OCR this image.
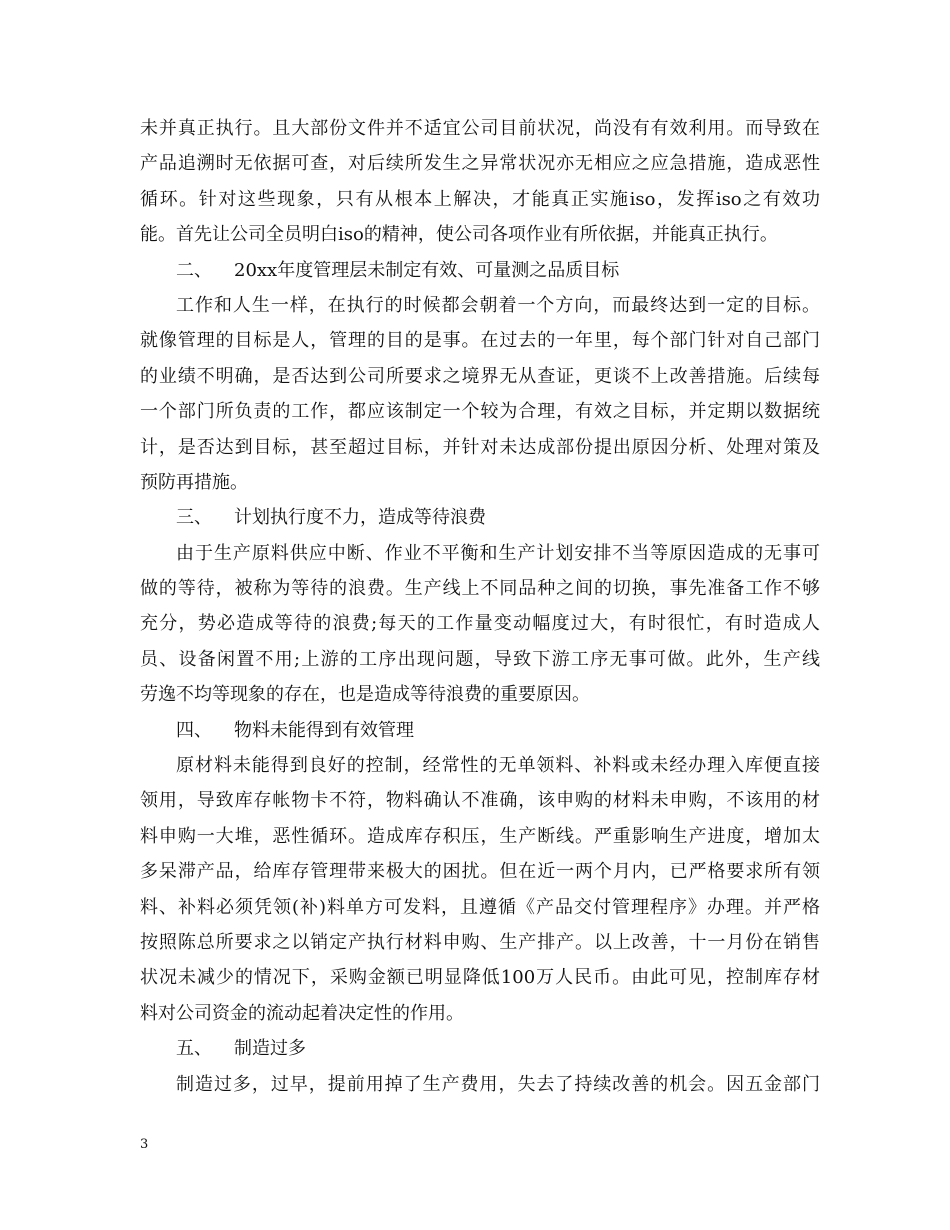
未并真正执行。且大部份文件并不适宜公司目前状况，尚没有有效利用。而导致在
产品追溯时无依据可查，对后续所发生之异常状况亦无相应之应急措施，造成恶性
循环。针对这些现象，只有从根本上解决，才能真正实施iso，发挥iso之有效功
能。首先让公司全员明白iso的精神，使公司各项作业有所依据，并能真正执行。
二、 20xx年度管理层未制定有效、可量测之品质目标
工作和人生一样，在执行的时候都会朝着一个方向，而最终达到一定的目标。
就像管理的目标是人，管理的目的是事。在过去的一年里，每个部门针对自己部门
的业绩不明确，是否达到公司所要求之境界无从查证，更谈不上改善措施。后续每
一个部门所负责的工作，都应该制定一个较为合理，有效之目标，并定期以数据统
计，是否达到目标，甚至超过目标，并针对未达成部份提出原因分析、处理对策及
预防再措施。
三、 计划执行度不力，造成等待浪费
由于生产原料供应中断、作业不平衡和生产计划安排不当等原因造成的无事可
做的等待，被称为等待的浪费。生产线上不同品种之间的切换，事先准备工作不够
充分，势必造成等待的浪费;每天的工作量变动幅度过大，有时很忙，有时造成人
员、设备闲置不用;上游的工序出现问题，导致下游工序无事可做。此外，生产线
劳逸不均等现象的存在，也是造成等待浪费的重要原因。
四、 物料未能得到有效管理
原材料未能得到良好的控制，经常性的无单领料、补料或未经办理入库便直接
领用，导致库存帐物卡不符，物料确认不准确，该申购的材料未申购，不该用的材
料申购一大堆，恶性循环。造成库存积压，生产断线。严重影响生产进度，增加太
多呆滞产品，给库存管理带来极大的困扰。但在近一两个月内，已严格要求所有领
料、补料必须凭领(补)料单方可发料，且遵循《产品交付管理程序》办理。并严格
按照陈总所要求之以销定产执行材料申购、生产排产。以上改善，十一月份在销售
状况未减少的情况下，采购金额已明显降低100万人民币。由此可见，控制库存材
料对公司资金的流动起着决定性的作用。
五、 制造过多
制造过多，过早，提前用掉了生产费用，失去了持续改善的机会。因五金部门
3
